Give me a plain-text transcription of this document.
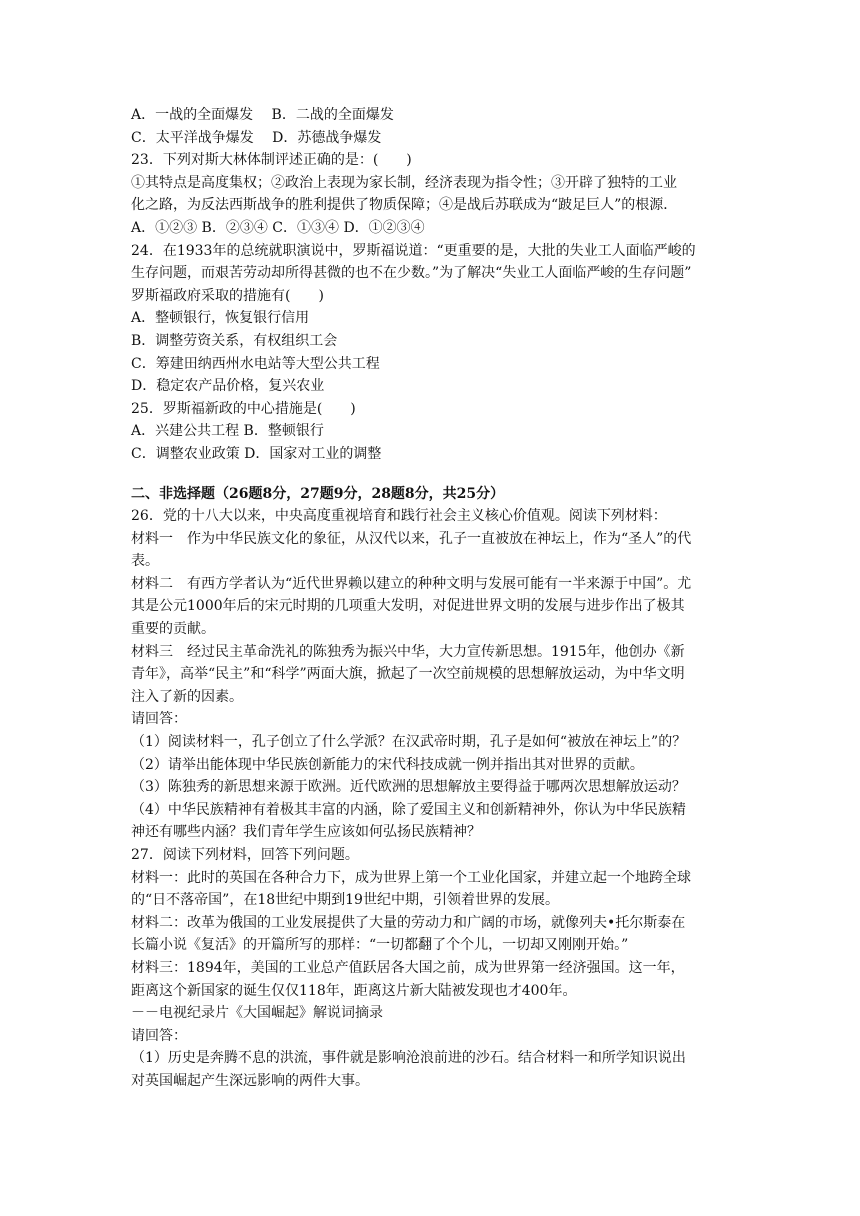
A．一战的全面爆发　 B．二战的全面爆发
C．太平洋战争爆发　 D．苏德战争爆发
23．下列对斯大林体制评述正确的是：(　　)
①其特点是高度集权；②政治上表现为家长制，经济表现为指令性；③开辟了独特的工业
化之路，为反法西斯战争的胜利提供了物质保障；④是战后苏联成为“跛足巨人”的根源．
A．①②③ B．②③④ C．①③④ D．①②③④
24．在1933年的总统就职演说中，罗斯福说道：“更重要的是，大批的失业工人面临严峻的
生存问题，而艰苦劳动却所得甚微的也不在少数。”为了解决“失业工人面临严峻的生存问题”
罗斯福政府采取的措施有(　　)
A．整顿银行，恢复银行信用
B．调整劳资关系，有权组织工会
C．筹建田纳西州水电站等大型公共工程
D．稳定农产品价格，复兴农业
25．罗斯福新政的中心措施是(　　)
A．兴建公共工程 B．整顿银行
C．调整农业政策 D．国家对工业的调整
二、非选择题（26题8分，27题9分，28题8分，共25分）
26．党的十八大以来，中央高度重视培育和践行社会主义核心价值观。阅读下列材料：
材料一　作为中华民族文化的象征，从汉代以来，孔子一直被放在神坛上，作为“圣人”的代
表。
材料二　有西方学者认为“近代世界赖以建立的种种文明与发展可能有一半来源于中国”。尤
其是公元1000年后的宋元时期的几项重大发明，对促进世界文明的发展与进步作出了极其
重要的贡献。
材料三　经过民主革命洗礼的陈独秀为振兴中华，大力宣传新思想。1915年，他创办《新
青年》，高举“民主”和“科学”两面大旗，掀起了一次空前规模的思想解放运动，为中华文明
注入了新的因素。
请回答：
（1）阅读材料一，孔子创立了什么学派？在汉武帝时期，孔子是如何“被放在神坛上”的？
（2）请举出能体现中华民族创新能力的宋代科技成就一例并指出其对世界的贡献。
（3）陈独秀的新思想来源于欧洲。近代欧洲的思想解放主要得益于哪两次思想解放运动？
（4）中华民族精神有着极其丰富的内涵，除了爱国主义和创新精神外，你认为中华民族精
神还有哪些内涵？我们青年学生应该如何弘扬民族精神？
27．阅读下列材料，回答下列问题。
材料一：此时的英国在各种合力下，成为世界上第一个工业化国家，并建立起一个地跨全球
的“日不落帝国”，在18世纪中期到19世纪中期，引领着世界的发展。
材料二：改革为俄国的工业发展提供了大量的劳动力和广阔的市场，就像列夫•托尔斯泰在
长篇小说《复活》的开篇所写的那样：“一切都翻了个个儿，一切却又刚刚开始。”
材料三：1894年，美国的工业总产值跃居各大国之前，成为世界第一经济强国。这一年，
距离这个新国家的诞生仅仅118年，距离这片新大陆被发现也才400年。
－－电视纪录片《大国崛起》解说词摘录
请回答：
（1）历史是奔腾不息的洪流，事件就是影响沧浪前进的沙石。结合材料一和所学知识说出
对英国崛起产生深远影响的两件大事。
